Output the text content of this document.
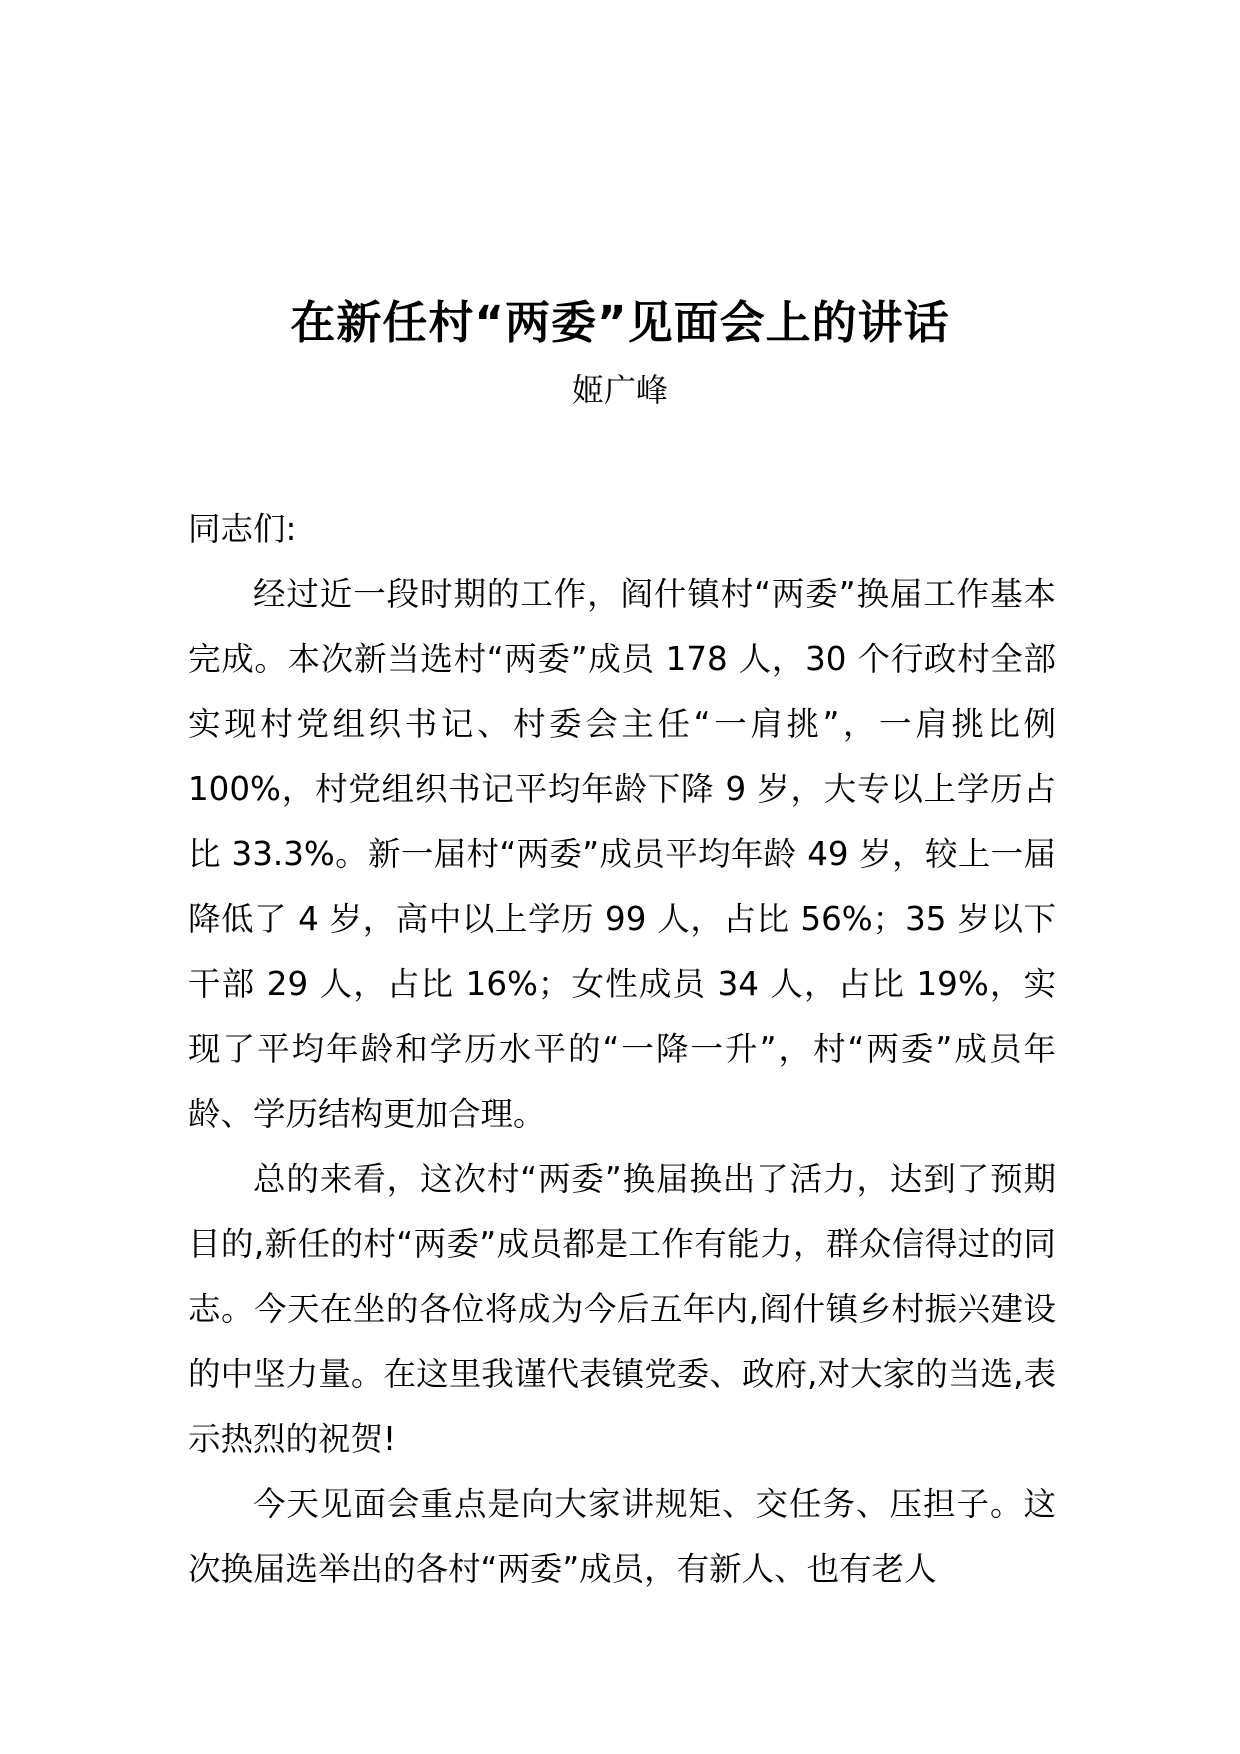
在新任村“两委”见面会上的讲话
姬广峰

同志们:

经过近一段时期的工作，阎什镇村“两委”换届工作基本完成。本次新当选村“两委”成员 178 人，30 个行政村全部实现村党组织书记、村委会主任“一肩挑”，一肩挑比例 100%，村党组织书记平均年龄下降 9 岁，大专以上学历占比 33.3%。新一届村“两委”成员平均年龄 49 岁，较上一届降低了 4 岁，高中以上学历 99 人，占比 56%；35 岁以下干部 29 人，占比 16%；女性成员 34 人，占比 19%，实现了平均年龄和学历水平的“一降一升”，村“两委”成员年龄、学历结构更加合理。

总的来看，这次村“两委”换届换出了活力，达到了预期目的,新任的村“两委”成员都是工作有能力，群众信得过的同志。今天在坐的各位将成为今后五年内,阎什镇乡村振兴建设的中坚力量。在这里我谨代表镇党委、政府,对大家的当选,表示热烈的祝贺!

今天见面会重点是向大家讲规矩、交任务、压担子。这次换届选举出的各村“两委”成员，有新人、也有老人
